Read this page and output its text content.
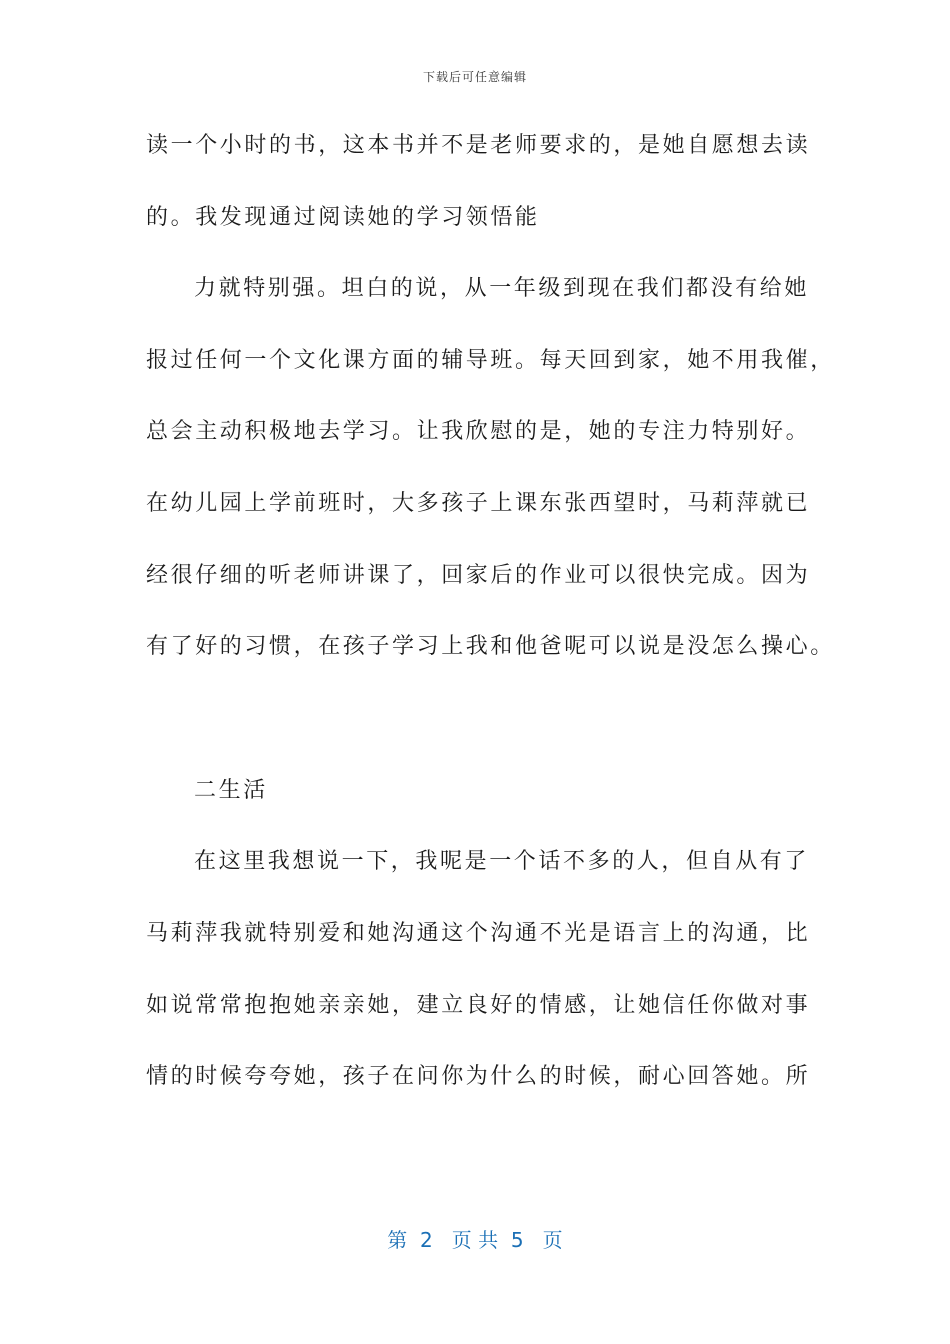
下载后可任意编辑
读一个小时的书，这本书并不是老师要求的，是她自愿想去读
的。我发现通过阅读她的学习领悟能
力就特别强。坦白的说，从一年级到现在我们都没有给她
报过任何一个文化课方面的辅导班。每天回到家，她不用我催，
总会主动积极地去学习。让我欣慰的是，她的专注力特别好。
在幼儿园上学前班时，大多孩子上课东张西望时，马莉萍就已
经很仔细的听老师讲课了，回家后的作业可以很快完成。因为
有了好的习惯，在孩子学习上我和他爸呢可以说是没怎么操心。
二生活
在这里我想说一下，我呢是一个话不多的人，但自从有了
马莉萍我就特别爱和她沟通这个沟通不光是语言上的沟通，比
如说常常抱抱她亲亲她，建立良好的情感，让她信任你做对事
情的时候夸夸她，孩子在问你为什么的时候，耐心回答她。所
第  2   页 共  5   页
